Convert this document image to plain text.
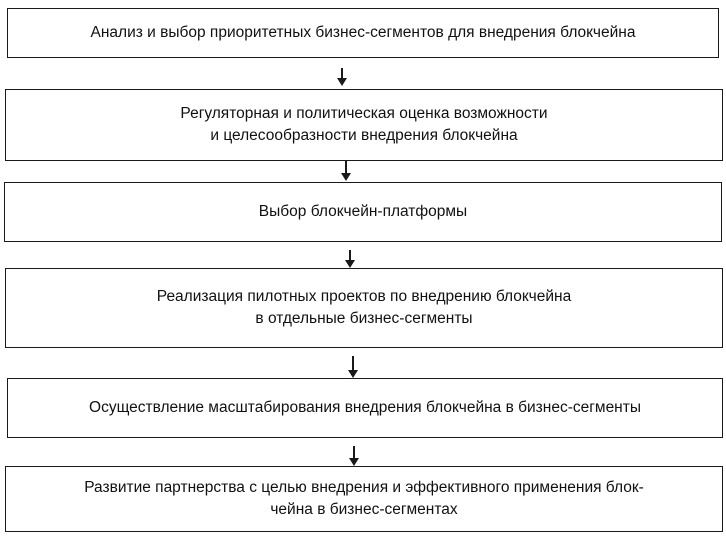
Анализ и выбор приоритетных бизнес-сегментов для внедрения блокчейна
Регуляторная и политическая оценка возможности
и целесообразности внедрения блокчейна
Выбор блокчейн-платформы
Реализация пилотных проектов по внедрению блокчейна
в отдельные бизнес-сегменты
Осуществление масштабирования внедрения блокчейна в бизнес-сегменты
Развитие партнерства с целью внедрения и эффективного применения блок-
чейна в бизнес-сегментах
